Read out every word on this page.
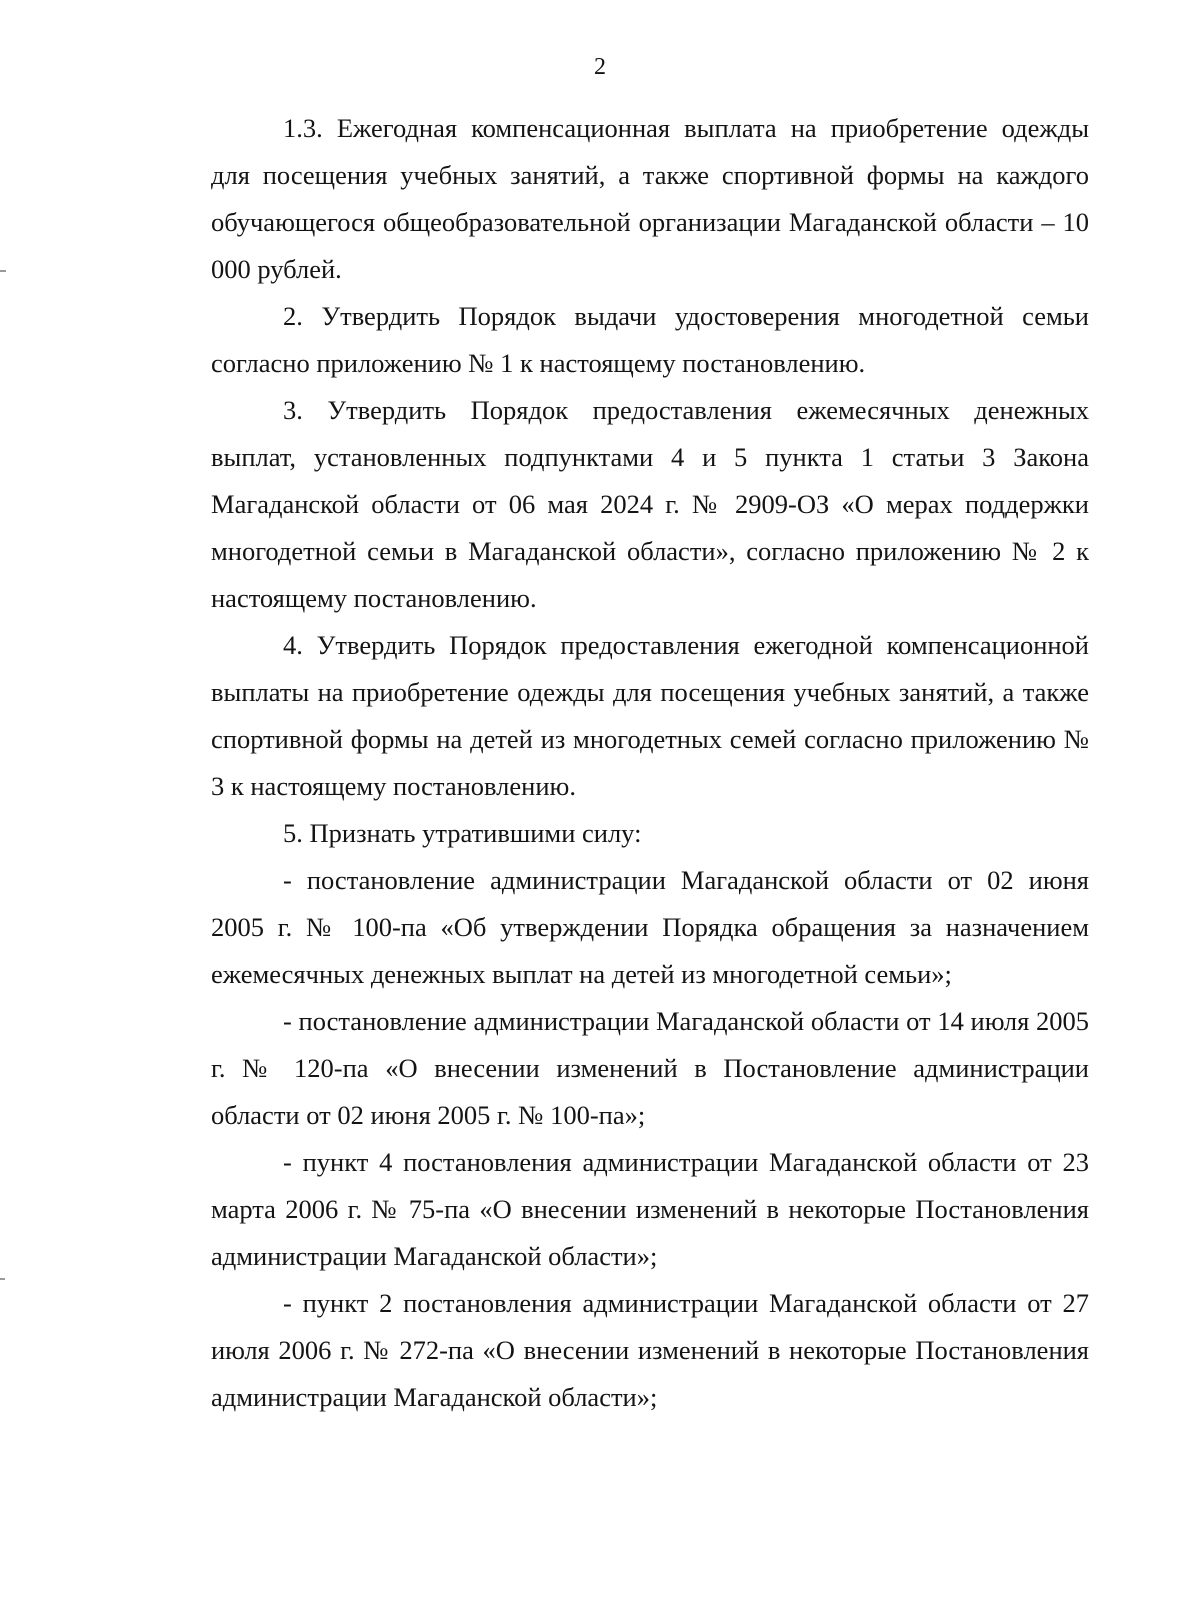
2

1.3. Ежегодная компенсационная выплата на приобретение одежды для посещения учебных занятий, а также спортивной формы на каждого обучающегося общеобразовательной организации Магаданской области – 10 000 рублей.

2. Утвердить Порядок выдачи удостоверения многодетной семьи согласно приложению № 1 к настоящему постановлению.

3. Утвердить Порядок предоставления ежемесячных денежных выплат, установленных подпунктами 4 и 5 пункта 1 статьи 3 Закона Магаданской области от 06 мая 2024 г. № 2909-ОЗ «О мерах поддержки многодетной семьи в Магаданской области», согласно приложению № 2 к настоящему постановлению.

4. Утвердить Порядок предоставления ежегодной компенсационной выплаты на приобретение одежды для посещения учебных занятий, а также спортивной формы на детей из многодетных семей согласно приложению № 3 к настоящему постановлению.

5. Признать утратившими силу:

- постановление администрации Магаданской области от 02 июня 2005 г. № 100-па «Об утверждении Порядка обращения за назначением ежемесячных денежных выплат на детей из многодетной семьи»;

- постановление администрации Магаданской области от 14 июля 2005 г. № 120-па «О внесении изменений в Постановление администрации области от 02 июня 2005 г. № 100-па»;

- пункт 4 постановления администрации Магаданской области от 23 марта 2006 г. № 75-па «О внесении изменений в некоторые Постановления администрации Магаданской области»;

- пункт 2 постановления администрации Магаданской области от 27 июля 2006 г. № 272-па «О внесении изменений в некоторые Постановления администрации Магаданской области»;
